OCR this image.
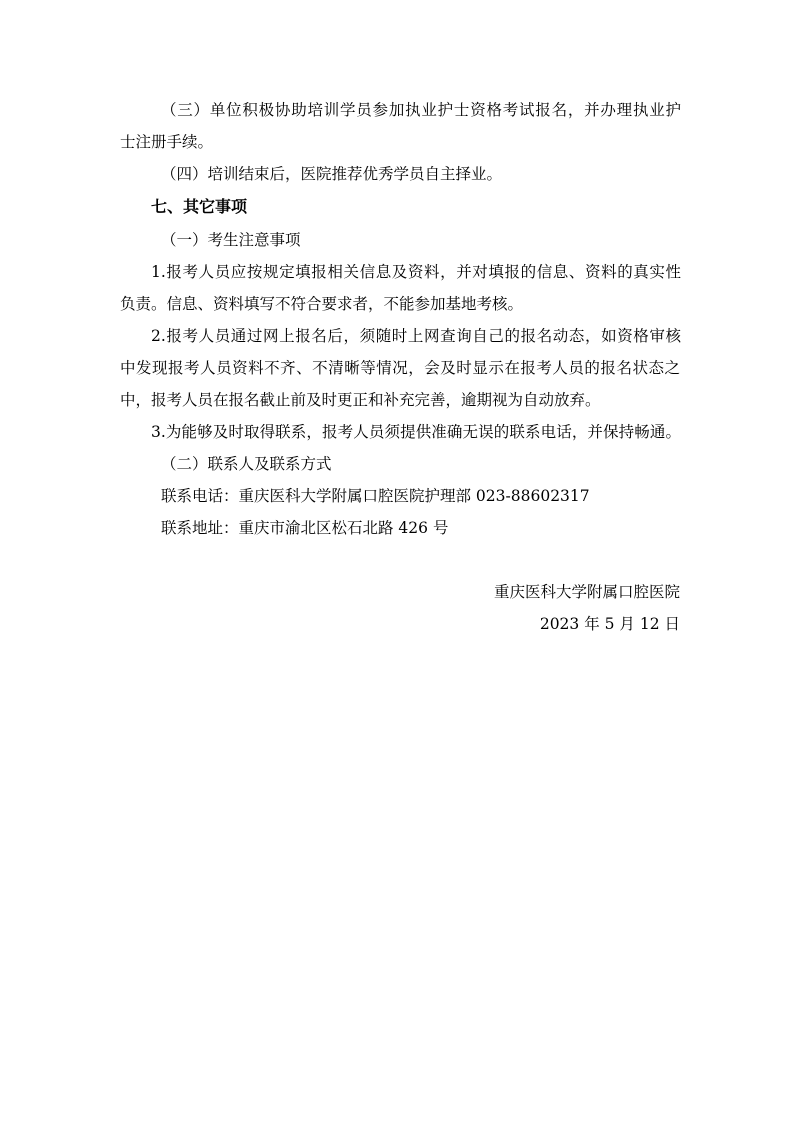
（三）单位积极协助培训学员参加执业护士资格考试报名，并办理执业护
士注册手续。
（四）培训结束后，医院推荐优秀学员自主择业。
七、其它事项
（一）考生注意事项
1.报考人员应按规定填报相关信息及资料，并对填报的信息、资料的真实性
负责。信息、资料填写不符合要求者，不能参加基地考核。
2.报考人员通过网上报名后，须随时上网查询自己的报名动态，如资格审核
中发现报考人员资料不齐、不清晰等情况，会及时显示在报考人员的报名状态之
中，报考人员在报名截止前及时更正和补充完善，逾期视为自动放弃。
3.为能够及时取得联系，报考人员须提供准确无误的联系电话，并保持畅通。
（二）联系人及联系方式
联系电话：重庆医科大学附属口腔医院护理部 023-88602317
联系地址：重庆市渝北区松石北路 426 号
重庆医科大学附属口腔医院
2023 年 5 月 12 日
